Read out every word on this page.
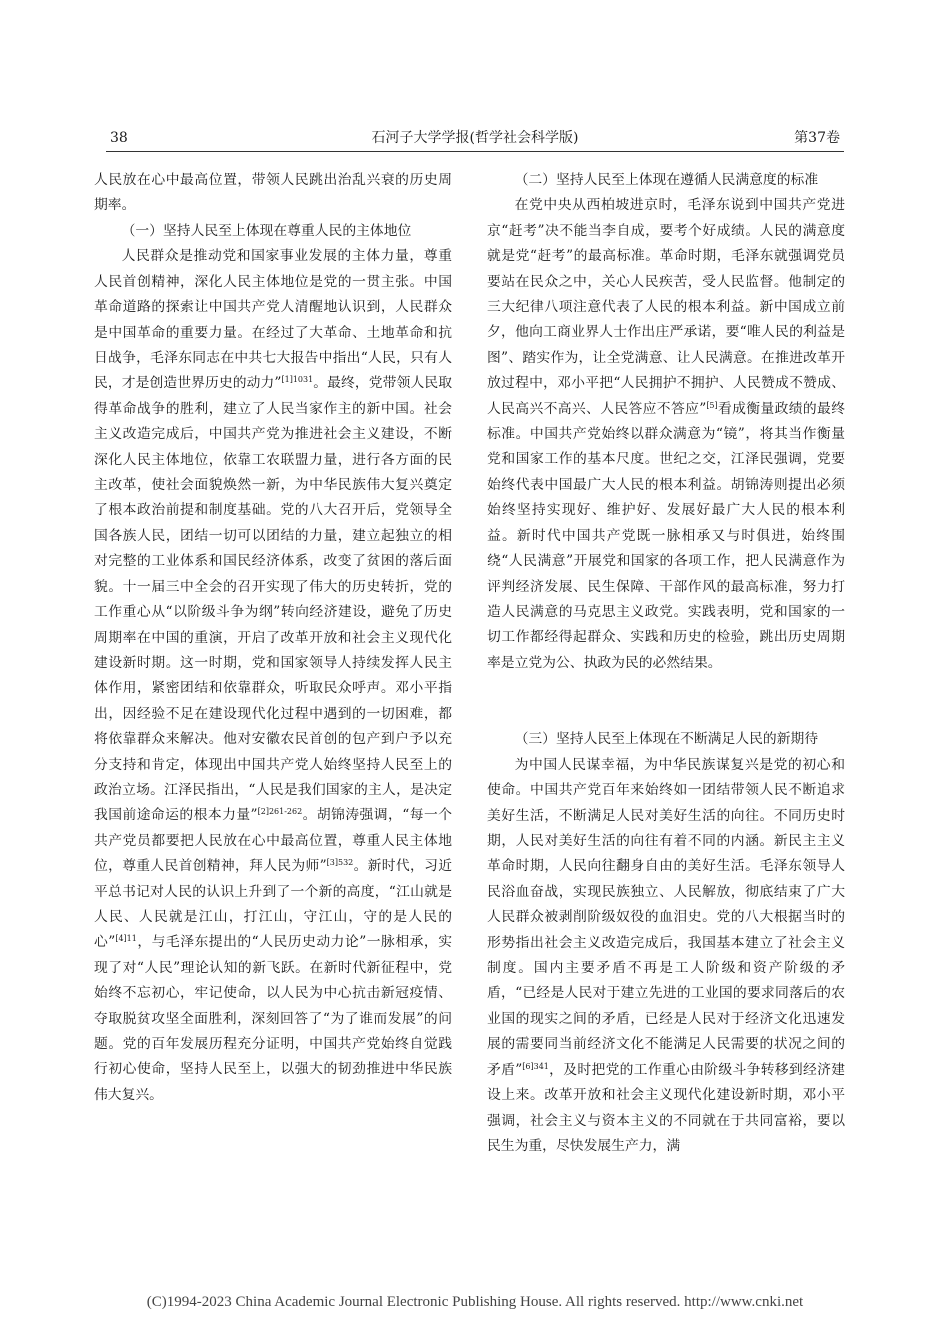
38	石河子大学学报(哲学社会科学版)	第37卷

人民放在心中最高位置，带领人民跳出治乱兴衰的历史周期率。

（一）坚持人民至上体现在尊重人民的主体地位

人民群众是推动党和国家事业发展的主体力量，尊重人民首创精神，深化人民主体地位是党的一贯主张。中国革命道路的探索让中国共产党人清醒地认识到，人民群众是中国革命的重要力量。在经过了大革命、土地革命和抗日战争，毛泽东同志在中共七大报告中指出“人民，只有人民，才是创造世界历史的动力”$^{[1]1031}$。最终，党带领人民取得革命战争的胜利，建立了人民当家作主的新中国。社会主义改造完成后，中国共产党为推进社会主义建设，不断深化人民主体地位，依靠工农联盟力量，进行各方面的民主改革，使社会面貌焕然一新，为中华民族伟大复兴奠定了根本政治前提和制度基础。党的八大召开后，党领导全国各族人民，团结一切可以团结的力量，建立起独立的相对完整的工业体系和国民经济体系，改变了贫困的落后面貌。十一届三中全会的召开实现了伟大的历史转折，党的工作重心从“以阶级斗争为纲”转向经济建设，避免了历史周期率在中国的重演，开启了改革开放和社会主义现代化建设新时期。这一时期，党和国家领导人持续发挥人民主体作用，紧密团结和依靠群众，听取民众呼声。邓小平指出，因经验不足在建设现代化过程中遇到的一切困难，都将依靠群众来解决。他对安徽农民首创的包产到户予以充分支持和肯定，体现出中国共产党人始终坚持人民至上的政治立场。江泽民指出，“人民是我们国家的主人，是决定我国前途命运的根本力量”$^{[2]261-262}$。胡锦涛强调，“每一个共产党员都要把人民放在心中最高位置，尊重人民主体地位，尊重人民首创精神，拜人民为师”$^{[3]532}$。新时代，习近平总书记对人民的认识上升到了一个新的高度，“江山就是人民、人民就是江山，打江山，守江山，守的是人民的心”$^{[4]11}$，与毛泽东提出的“人民历史动力论”一脉相承，实现了对“人民”理论认知的新飞跃。在新时代新征程中，党始终不忘初心，牢记使命，以人民为中心抗击新冠疫情、夺取脱贫攻坚全面胜利，深刻回答了“为了谁而发展”的问题。党的百年发展历程充分证明，中国共产党始终自觉践行初心使命，坚持人民至上，以强大的韧劲推进中华民族伟大复兴。

（二）坚持人民至上体现在遵循人民满意度的标准

在党中央从西柏坡进京时，毛泽东说到中国共产党进京“赶考”决不能当李自成，要考个好成绩。人民的满意度就是党“赶考”的最高标准。革命时期，毛泽东就强调党员要站在民众之中，关心人民疾苦，受人民监督。他制定的三大纪律八项注意代表了人民的根本利益。新中国成立前夕，他向工商业界人士作出庄严承诺，要“唯人民的利益是图”、踏实作为，让全党满意、让人民满意。在推进改革开放过程中，邓小平把“人民拥护不拥护、人民赞成不赞成、人民高兴不高兴、人民答应不答应”[5]看成衡量政绩的最终标准。中国共产党始终以群众满意为“镜”，将其当作衡量党和国家工作的基本尺度。世纪之交，江泽民强调，党要始终代表中国最广大人民的根本利益。胡锦涛则提出必须始终坚持实现好、维护好、发展好最广大人民的根本利益。新时代中国共产党既一脉相承又与时俱进，始终围绕“人民满意”开展党和国家的各项工作，把人民满意作为评判经济发展、民生保障、干部作风的最高标准，努力打造人民满意的马克思主义政党。实践表明，党和国家的一切工作都经得起群众、实践和历史的检验，跳出历史周期率是立党为公、执政为民的必然结果。

（三）坚持人民至上体现在不断满足人民的新期待

为中国人民谋幸福，为中华民族谋复兴是党的初心和使命。中国共产党百年来始终如一团结带领人民不断追求美好生活，不断满足人民对美好生活的向往。不同历史时期，人民对美好生活的向往有着不同的内涵。新民主主义革命时期，人民向往翻身自由的美好生活。毛泽东领导人民浴血奋战，实现民族独立、人民解放，彻底结束了广大人民群众被剥削阶级奴役的血泪史。党的八大根据当时的形势指出社会主义改造完成后，我国基本建立了社会主义制度。国内主要矛盾不再是工人阶级和资产阶级的矛盾，“已经是人民对于建立先进的工业国的要求同落后的农业国的现实之间的矛盾，已经是人民对于经济文化迅速发展的需要同当前经济文化不能满足人民需要的状况之间的矛盾”$^{[6]341}$，及时把党的工作重心由阶级斗争转移到经济建设上来。改革开放和社会主义现代化建设新时期，邓小平强调，社会主义与资本主义的不同就在于共同富裕，要以民生为重，尽快发展生产力，满

(C)1994-2023 China Academic Journal Electronic Publishing House. All rights reserved. http://www.cnki.net
